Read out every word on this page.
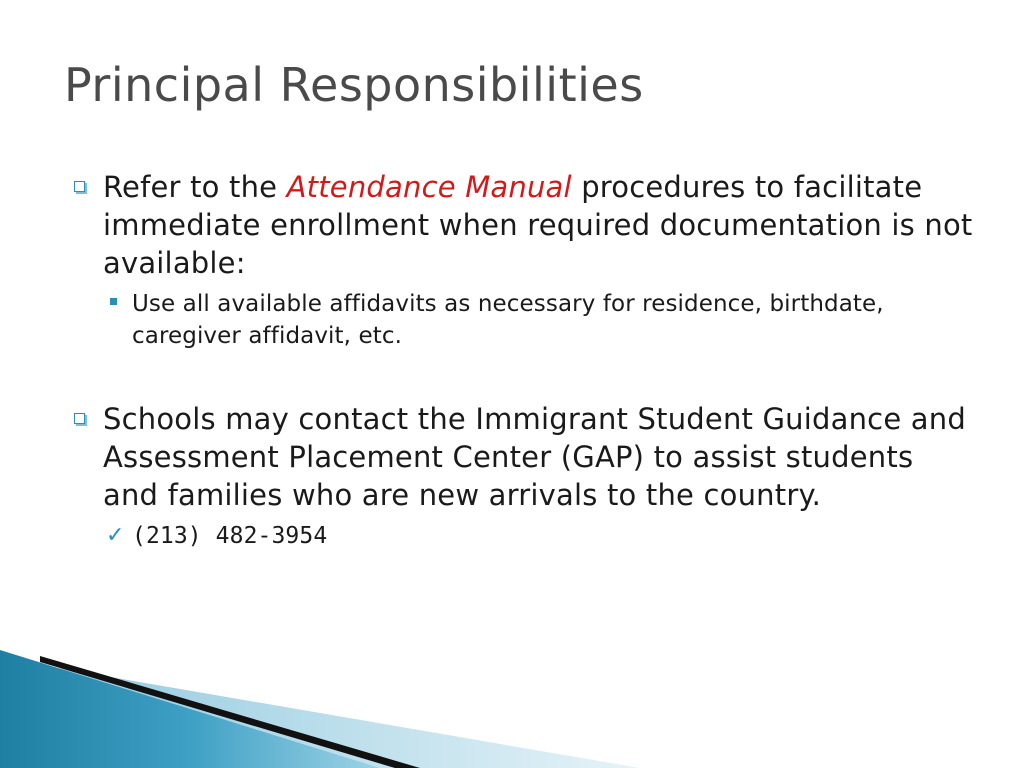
Principal Responsibilities
Refer to the Attendance Manual procedures to facilitate immediate enrollment when required documentation is not available:
Use all available affidavits as necessary for residence, birthdate, caregiver affidavit, etc.
Schools may contact the Immigrant Student Guidance and Assessment Placement Center (GAP) to assist students and families who are new arrivals to the country.
✓ (213) 482-3954
